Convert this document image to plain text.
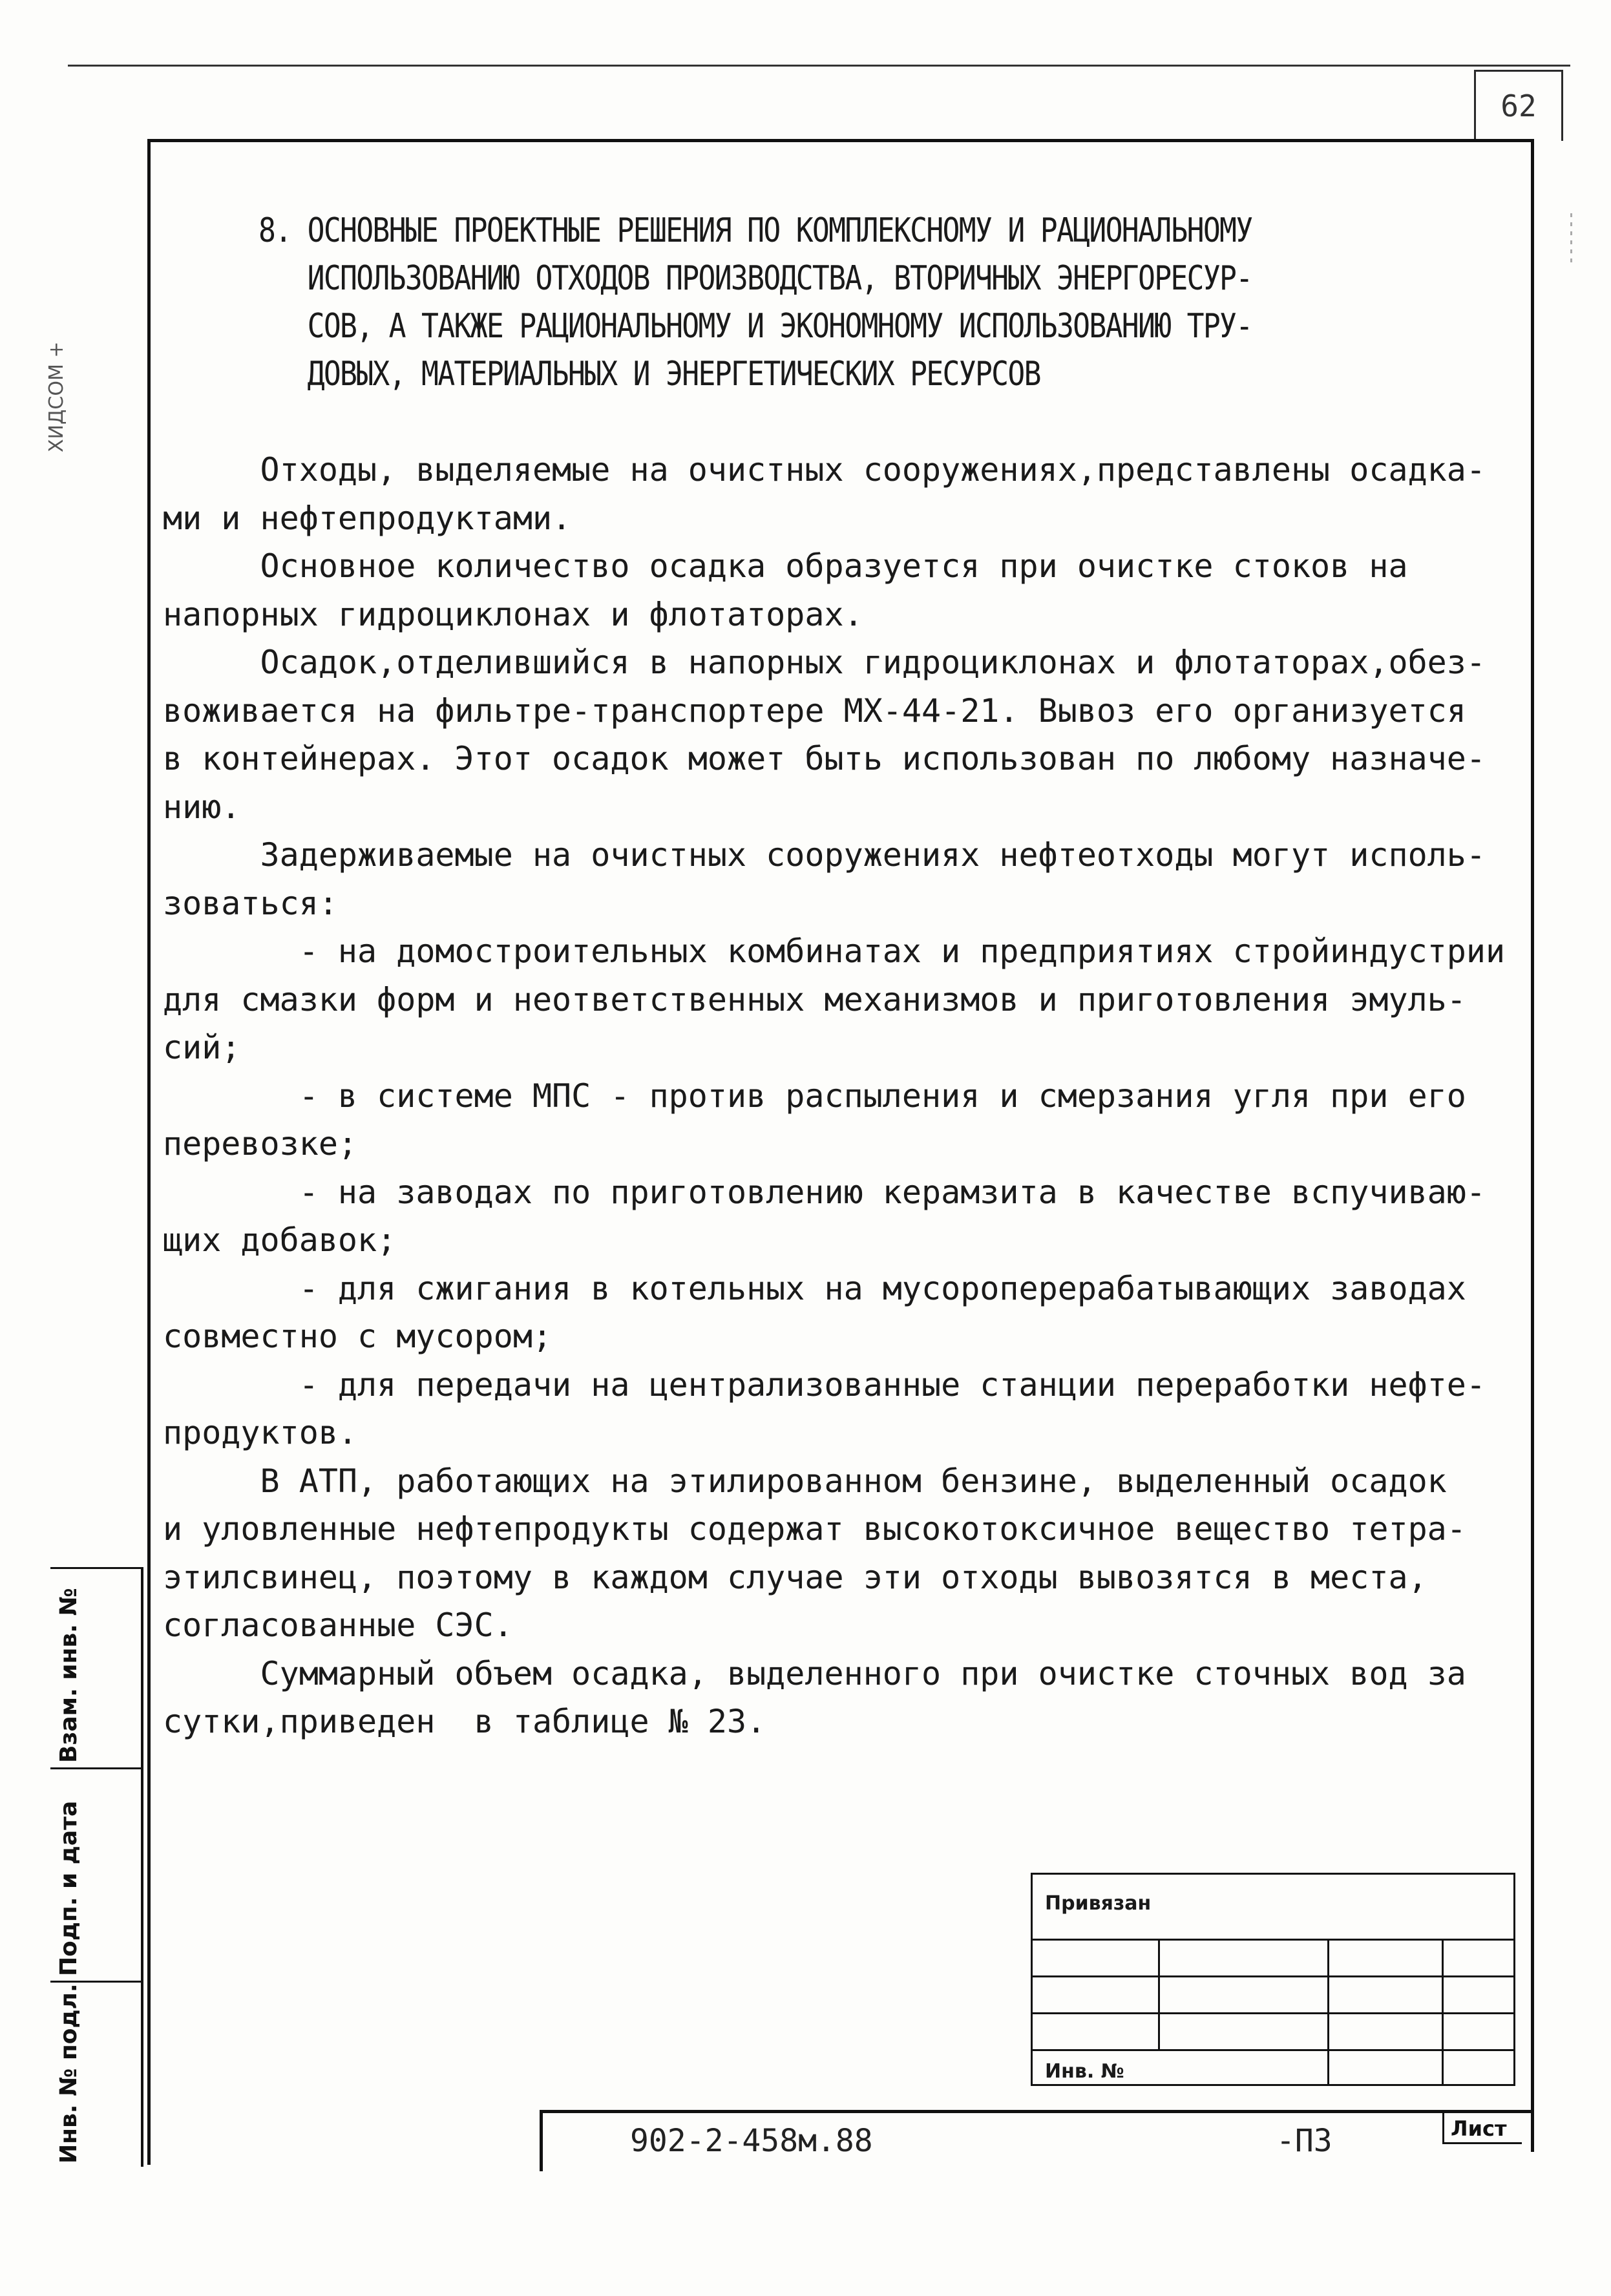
62
ХИДСОМ +
8. ОСНОВНЫЕ ПРОЕКТНЫЕ РЕШЕНИЯ ПО КОМПЛЕКСНОМУ И РАЦИОНАЛЬНОМУ
ИСПОЛЬЗОВАНИЮ ОТХОДОВ ПРОИЗВОДСТВА, ВТОРИЧНЫХ ЭНЕРГОРЕСУР-
СОВ, А ТАКЖЕ РАЦИОНАЛЬНОМУ И ЭКОНОМНОМУ ИСПОЛЬЗОВАНИЮ ТРУ-
ДОВЫХ, МАТЕРИАЛЬНЫХ И ЭНЕРГЕТИЧЕСКИХ РЕСУРСОВ
Отходы, выделяемые на очистных сооружениях,представлены осадка-
ми и нефтепродуктами.
Основное количество осадка образуется при очистке стоков на
напорных гидроциклонах и флотаторах.
Осадок,отделившийся в напорных гидроциклонах и флотаторах,обез-
воживается на фильтре-транспортере МХ-44-21. Вывоз его организуется
в контейнерах. Этот осадок может быть использован по любому назначе-
нию.
Задерживаемые на очистных сооружениях нефтеотходы могут исполь-
зоваться:
- на домостроительных комбинатах и предприятиях стройиндустрии
для смазки форм и неответственных механизмов и приготовления эмуль-
сий;
- в системе МПС - против распыления и смерзания угля при его
перевозке;
- на заводах по приготовлению керамзита в качестве вспучиваю-
щих добавок;
- для сжигания в котельных на мусороперерабатывающих заводах
совместно с мусором;
- для передачи на централизованные станции переработки нефте-
продуктов.
В АТП, работающих на этилированном бензине, выделенный осадок
и уловленные нефтепродукты содержат высокотоксичное вещество тетра-
этилсвинец, поэтому в каждом случае эти отходы вывозятся в места,
согласованные СЭС.
Суммарный объем осадка, выделенного при очистке сточных вод за
сутки,приведен  в таблице № 23.
Взам. инв. №
Подп. и дата
Инв. № подл.
Привязан
Инв. №
902-2-458м.88	-ПЗ	Лист
